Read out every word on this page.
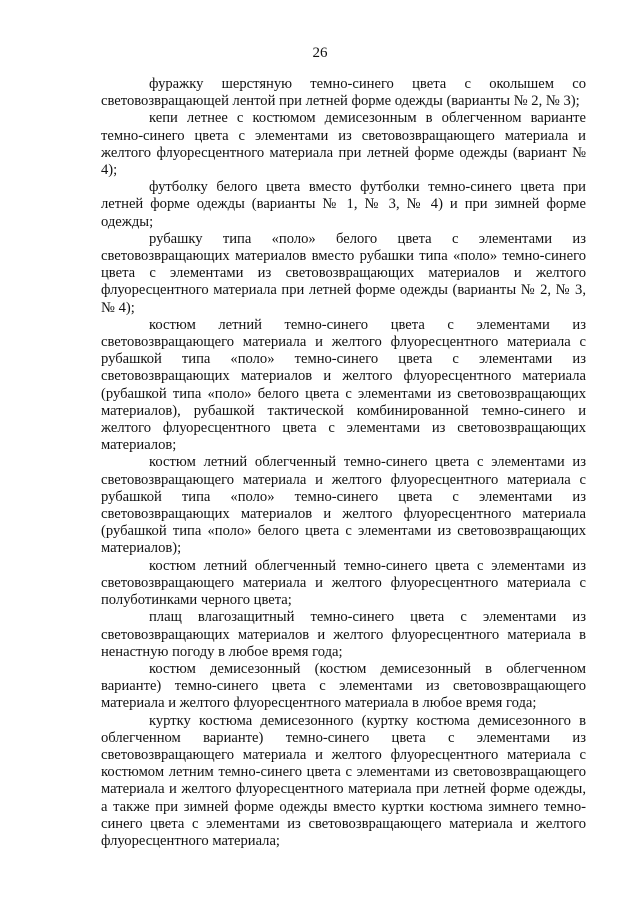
26

фуражку шерстяную темно-синего цвета с околышем со световозвращающей лентой при летней форме одежды (варианты № 2, № 3);

кепи летнее с костюмом демисезонным в облегченном варианте темно-синего цвета с элементами из световозвращающего материала и желтого флуоресцентного материала при летней форме одежды (вариант № 4);

футболку белого цвета вместо футболки темно-синего цвета при летней форме одежды (варианты № 1, № 3, № 4) и при зимней форме одежды;

рубашку типа «поло» белого цвета с элементами из световозвращающих материалов вместо рубашки типа «поло» темно-синего цвета с элементами из световозвращающих материалов и желтого флуоресцентного материала при летней форме одежды (варианты № 2, № 3, № 4);

костюм летний темно-синего цвета с элементами из световозвращающего материала и желтого флуоресцентного материала с рубашкой типа «поло» темно-синего цвета с элементами из световозвращающих материалов и желтого флуоресцентного материала (рубашкой типа «поло» белого цвета с элементами из световозвращающих материалов), рубашкой тактической комбинированной темно-синего и желтого флуоресцентного цвета с элементами из световозвращающих материалов;

костюм летний облегченный темно-синего цвета с элементами из световозвращающего материала и желтого флуоресцентного материала с рубашкой типа «поло» темно-синего цвета с элементами из световозвращающих материалов и желтого флуоресцентного материала (рубашкой типа «поло» белого цвета с элементами из световозвращающих материалов);

костюм летний облегченный темно-синего цвета с элементами из световозвращающего материала и желтого флуоресцентного материала с полуботинками черного цвета;

плащ влагозащитный темно-синего цвета с элементами из световозвращающих материалов и желтого флуоресцентного материала в ненастную погоду в любое время года;

костюм демисезонный (костюм демисезонный в облегченном варианте) темно-синего цвета с элементами из световозвращающего материала и желтого флуоресцентного материала в любое время года;

куртку костюма демисезонного (куртку костюма демисезонного в облегченном варианте) темно-синего цвета с элементами из световозвращающего материала и желтого флуоресцентного материала с костюмом летним темно-синего цвета с элементами из световозвращающего материала и желтого флуоресцентного материала при летней форме одежды, а также при зимней форме одежды вместо куртки костюма зимнего темно-синего цвета с элементами из световозвращающего материала и желтого флуоресцентного материала;
